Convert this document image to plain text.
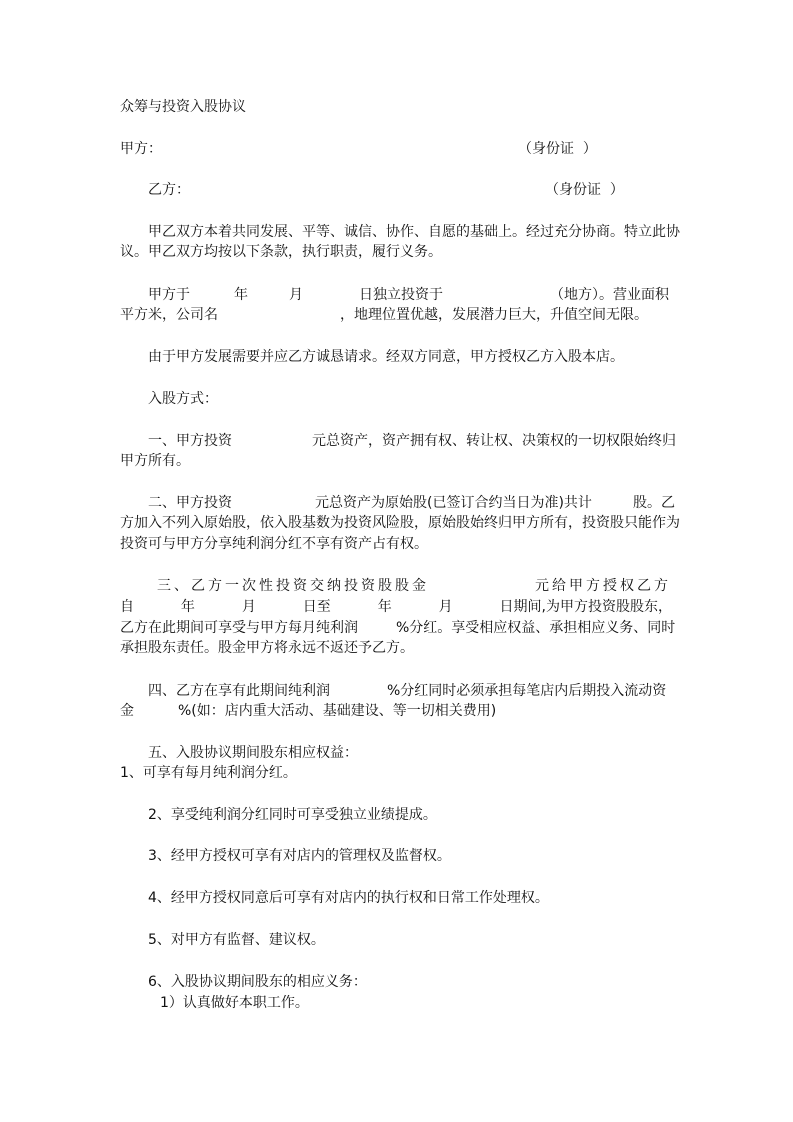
众筹与投资入股协议
甲方：	（身份证  ）
乙方：	（身份证  ）
甲乙双方本着共同发展、平等、诚信、协作、自愿的基础上。经过充分协商。特立此协
议。甲乙双方均按以下条款，执行职责，履行义务。
甲方于	年	月	日独立投资于	（地方）。营业面积
平方米，公司名	，地理位置优越，发展潜力巨大，升值空间无限。
由于甲方发展需要并应乙方诚恳请求。经双方同意，甲方授权乙方入股本店。
入股方式：
一、甲方投资	元总资产，资产拥有权、转让权、决策权的一切权限始终归
甲方所有。
二、甲方投资	元总资产为原始股(已签订合约当日为准)共计	股。乙
方加入不列入原始股，依入股基数为投资风险股，原始股始终归甲方所有，投资股只能作为
投资可与甲方分享纯利润分红不享有资产占有权。
三、乙方一次性投资交纳投资股股金	元给甲方授权乙方
自	年	月	日至	年	月	日期间,为甲方投资股股东，
乙方在此期间可享受与甲方每月纯利润	%分红。享受相应权益、承担相应义务、同时
承担股东责任。股金甲方将永远不返还予乙方。
四、乙方在享有此期间纯利润	%分红同时必须承担每笔店内后期投入流动资
金	%(如：店内重大活动、基础建设、等一切相关费用)
五、入股协议期间股东相应权益：
1、可享有每月纯利润分红。
2、享受纯利润分红同时可享受独立业绩提成。
3、经甲方授权可享有对店内的管理权及监督权。
4、经甲方授权同意后可享有对店内的执行权和日常工作处理权。
5、对甲方有监督、建议权。
6、入股协议期间股东的相应义务：
1）认真做好本职工作。
